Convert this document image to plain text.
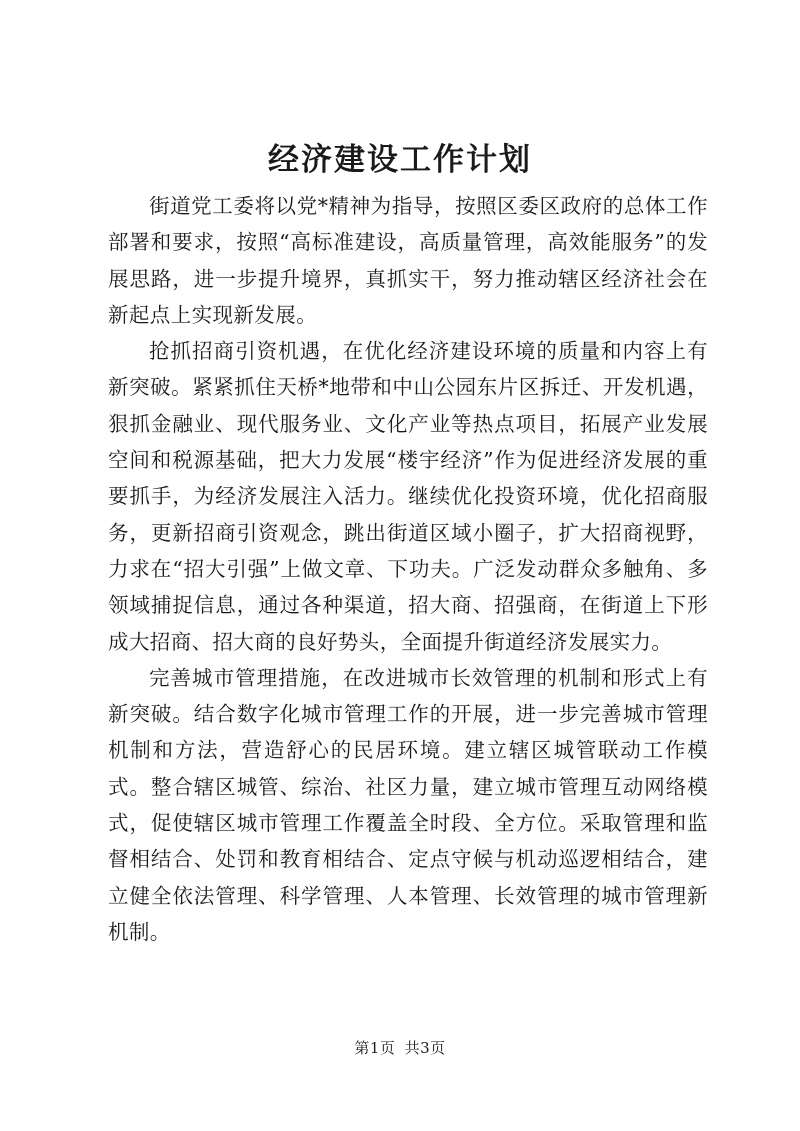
经济建设工作计划

街道党工委将以党*精神为指导，按照区委区政府的总体工作部署和要求，按照“高标准建设，高质量管理，高效能服务”的发展思路，进一步提升境界，真抓实干，努力推动辖区经济社会在新起点上实现新发展。

抢抓招商引资机遇，在优化经济建设环境的质量和内容上有新突破。紧紧抓住天桥*地带和中山公园东片区拆迁、开发机遇，狠抓金融业、现代服务业、文化产业等热点项目，拓展产业发展空间和税源基础，把大力发展“楼宇经济”作为促进经济发展的重要抓手，为经济发展注入活力。继续优化投资环境，优化招商服务，更新招商引资观念，跳出街道区域小圈子，扩大招商视野，力求在“招大引强”上做文章、下功夫。广泛发动群众多触角、多领域捕捉信息，通过各种渠道，招大商、招强商，在街道上下形成大招商、招大商的良好势头，全面提升街道经济发展实力。

完善城市管理措施，在改进城市长效管理的机制和形式上有新突破。结合数字化城市管理工作的开展，进一步完善城市管理机制和方法，营造舒心的民居环境。建立辖区城管联动工作模式。整合辖区城管、综治、社区力量，建立城市管理互动网络模式，促使辖区城市管理工作覆盖全时段、全方位。采取管理和监督相结合、处罚和教育相结合、定点守候与机动巡逻相结合，建立健全依法管理、科学管理、人本管理、长效管理的城市管理新机制。

第1页 共3页
